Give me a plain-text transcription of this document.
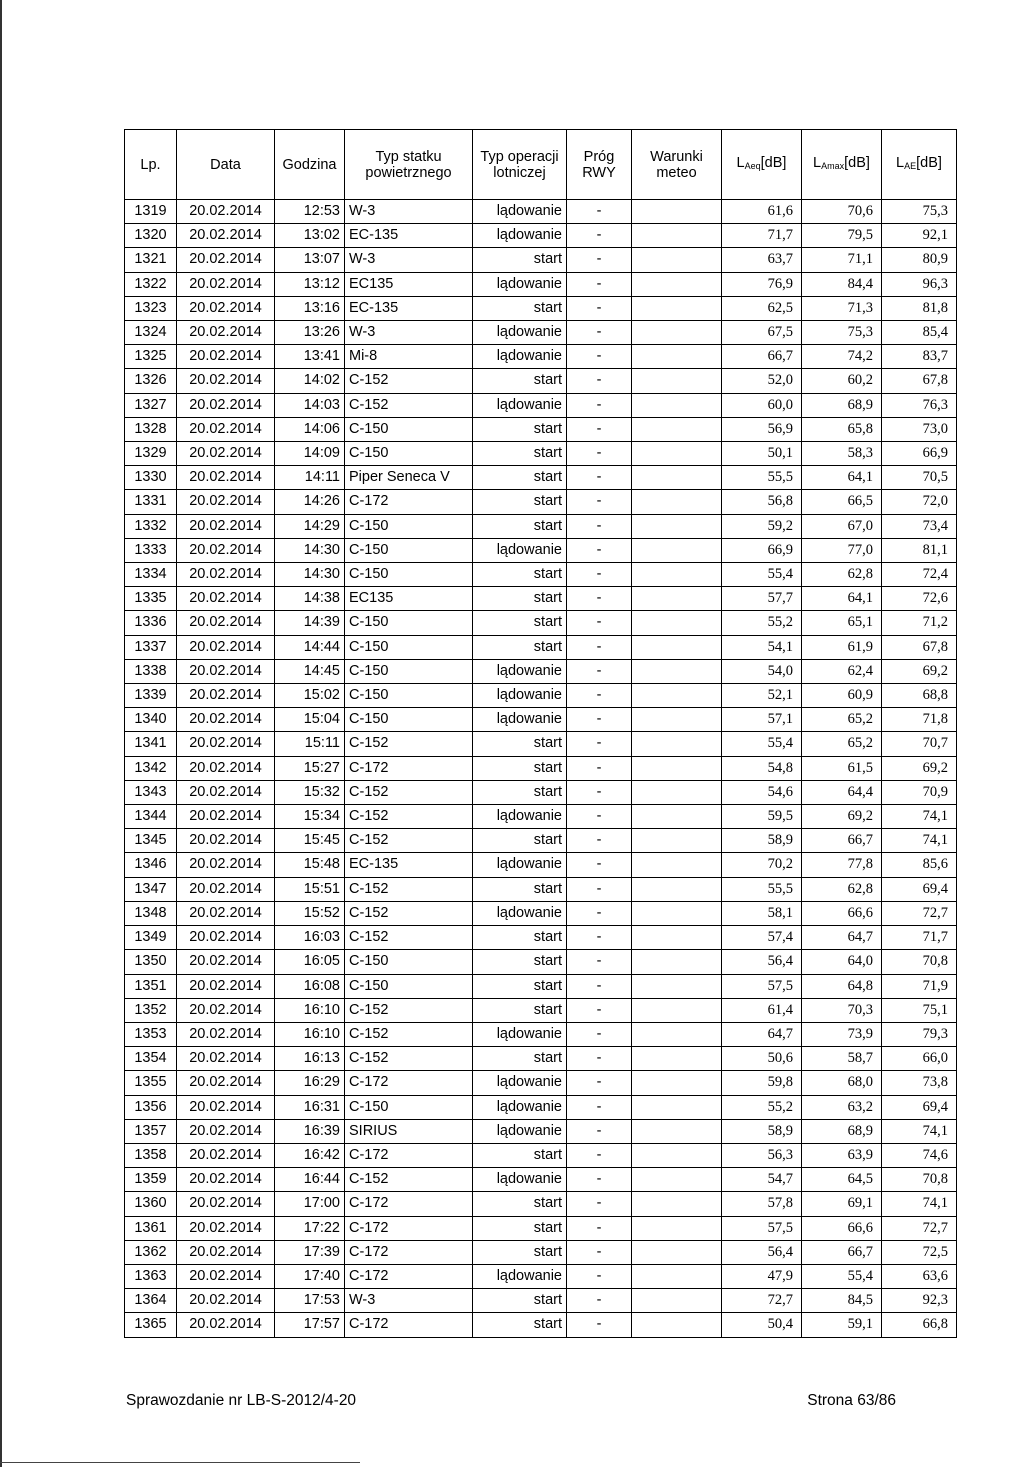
Lp.	Data	Godzina	Typ statku powietrznego	Typ operacji lotniczej	Próg RWY	Warunki meteo	$L_{Aeq}[dB]$	$L_{Amax}[dB]$	$L_{AE}[dB]$
1319	20.02.2014	12:53	W-3	lądowanie	-		61,6	70,6	75,3
1320	20.02.2014	13:02	EC-135	lądowanie	-		71,7	79,5	92,1
1321	20.02.2014	13:07	W-3	start	-		63,7	71,1	80,9
1322	20.02.2014	13:12	EC135	lądowanie	-		76,9	84,4	96,3
1323	20.02.2014	13:16	EC-135	start	-		62,5	71,3	81,8
1324	20.02.2014	13:26	W-3	lądowanie	-		67,5	75,3	85,4
1325	20.02.2014	13:41	Mi-8	lądowanie	-		66,7	74,2	83,7
1326	20.02.2014	14:02	C-152	start	-		52,0	60,2	67,8
1327	20.02.2014	14:03	C-152	lądowanie	-		60,0	68,9	76,3
1328	20.02.2014	14:06	C-150	start	-		56,9	65,8	73,0
1329	20.02.2014	14:09	C-150	start	-		50,1	58,3	66,9
1330	20.02.2014	14:11	Piper Seneca V	start	-		55,5	64,1	70,5
1331	20.02.2014	14:26	C-172	start	-		56,8	66,5	72,0
1332	20.02.2014	14:29	C-150	start	-		59,2	67,0	73,4
1333	20.02.2014	14:30	C-150	lądowanie	-		66,9	77,0	81,1
1334	20.02.2014	14:30	C-150	start	-		55,4	62,8	72,4
1335	20.02.2014	14:38	EC135	start	-		57,7	64,1	72,6
1336	20.02.2014	14:39	C-150	start	-		55,2	65,1	71,2
1337	20.02.2014	14:44	C-150	start	-		54,1	61,9	67,8
1338	20.02.2014	14:45	C-150	lądowanie	-		54,0	62,4	69,2
1339	20.02.2014	15:02	C-150	lądowanie	-		52,1	60,9	68,8
1340	20.02.2014	15:04	C-150	lądowanie	-		57,1	65,2	71,8
1341	20.02.2014	15:11	C-152	start	-		55,4	65,2	70,7
1342	20.02.2014	15:27	C-172	start	-		54,8	61,5	69,2
1343	20.02.2014	15:32	C-152	start	-		54,6	64,4	70,9
1344	20.02.2014	15:34	C-152	lądowanie	-		59,5	69,2	74,1
1345	20.02.2014	15:45	C-152	start	-		58,9	66,7	74,1
1346	20.02.2014	15:48	EC-135	lądowanie	-		70,2	77,8	85,6
1347	20.02.2014	15:51	C-152	start	-		55,5	62,8	69,4
1348	20.02.2014	15:52	C-152	lądowanie	-		58,1	66,6	72,7
1349	20.02.2014	16:03	C-152	start	-		57,4	64,7	71,7
1350	20.02.2014	16:05	C-150	start	-		56,4	64,0	70,8
1351	20.02.2014	16:08	C-150	start	-		57,5	64,8	71,9
1352	20.02.2014	16:10	C-152	start	-		61,4	70,3	75,1
1353	20.02.2014	16:10	C-152	lądowanie	-		64,7	73,9	79,3
1354	20.02.2014	16:13	C-152	start	-		50,6	58,7	66,0
1355	20.02.2014	16:29	C-172	lądowanie	-		59,8	68,0	73,8
1356	20.02.2014	16:31	C-150	lądowanie	-		55,2	63,2	69,4
1357	20.02.2014	16:39	SIRIUS	lądowanie	-		58,9	68,9	74,1
1358	20.02.2014	16:42	C-172	start	-		56,3	63,9	74,6
1359	20.02.2014	16:44	C-152	lądowanie	-		54,7	64,5	70,8
1360	20.02.2014	17:00	C-172	start	-		57,8	69,1	74,1
1361	20.02.2014	17:22	C-172	start	-		57,5	66,6	72,7
1362	20.02.2014	17:39	C-172	start	-		56,4	66,7	72,5
1363	20.02.2014	17:40	C-172	lądowanie	-		47,9	55,4	63,6
1364	20.02.2014	17:53	W-3	start	-		72,7	84,5	92,3
1365	20.02.2014	17:57	C-172	start	-		50,4	59,1	66,8
Sprawozdanie nr LB-S-2012/4-20	Strona 63/86
